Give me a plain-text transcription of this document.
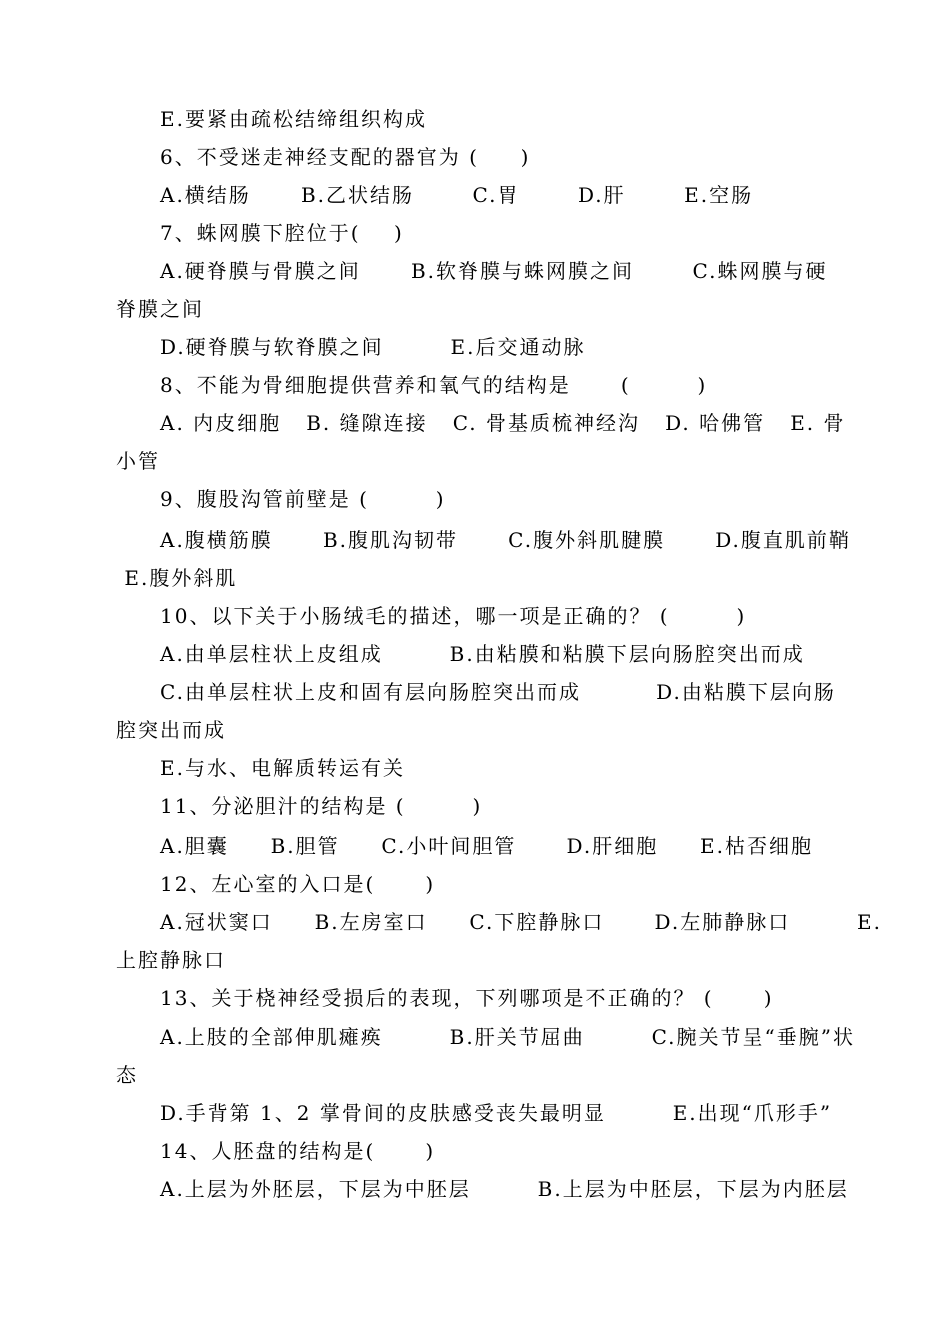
E.要紧由疏松结缔组织构成
6、不受迷走神经支配的器官为 (     )
A.横结肠      B.乙状结肠       C.胃       D.肝       E.空肠
7、蛛网膜下腔位于(    )
A.硬脊膜与骨膜之间      B.软脊膜与蛛网膜之间       C.蛛网膜与硬
脊膜之间
D.硬脊膜与软脊膜之间        E.后交通动脉
8、不能为骨细胞提供营养和氧气的结构是      (        )
A. 内皮细胞   B. 缝隙连接   C. 骨基质梳神经沟   D. 哈佛管   E. 骨
小管
9、腹股沟管前壁是 (        )
A.腹横筋膜      B.腹肌沟韧带      C.腹外斜肌腱膜      D.腹直肌前鞘
E.腹外斜肌
10、以下关于小肠绒毛的描述，哪一项是正确的？ (        )
A.由单层柱状上皮组成        B.由粘膜和粘膜下层向肠腔突出而成
C.由单层柱状上皮和固有层向肠腔突出而成         D.由粘膜下层向肠
腔突出而成
E.与水、电解质转运有关
11、分泌胆汁的结构是 (        )
A.胆囊     B.胆管     C.小叶间胆管      D.肝细胞     E.枯否细胞
12、左心室的入口是(      )
A.冠状窦口     B.左房室口     C.下腔静脉口      D.左肺静脉口        E.
上腔静脉口
13、关于桡神经受损后的表现，下列哪项是不正确的？ (      )
A.上肢的全部伸肌瘫痪        B.肝关节屈曲        C.腕关节呈“垂腕”状
态
D.手背第 1、2 掌骨间的皮肤感受丧失最明显        E.出现“爪形手”
14、人胚盘的结构是(      )
A.上层为外胚层，下层为中胚层        B.上层为中胚层，下层为内胚层
